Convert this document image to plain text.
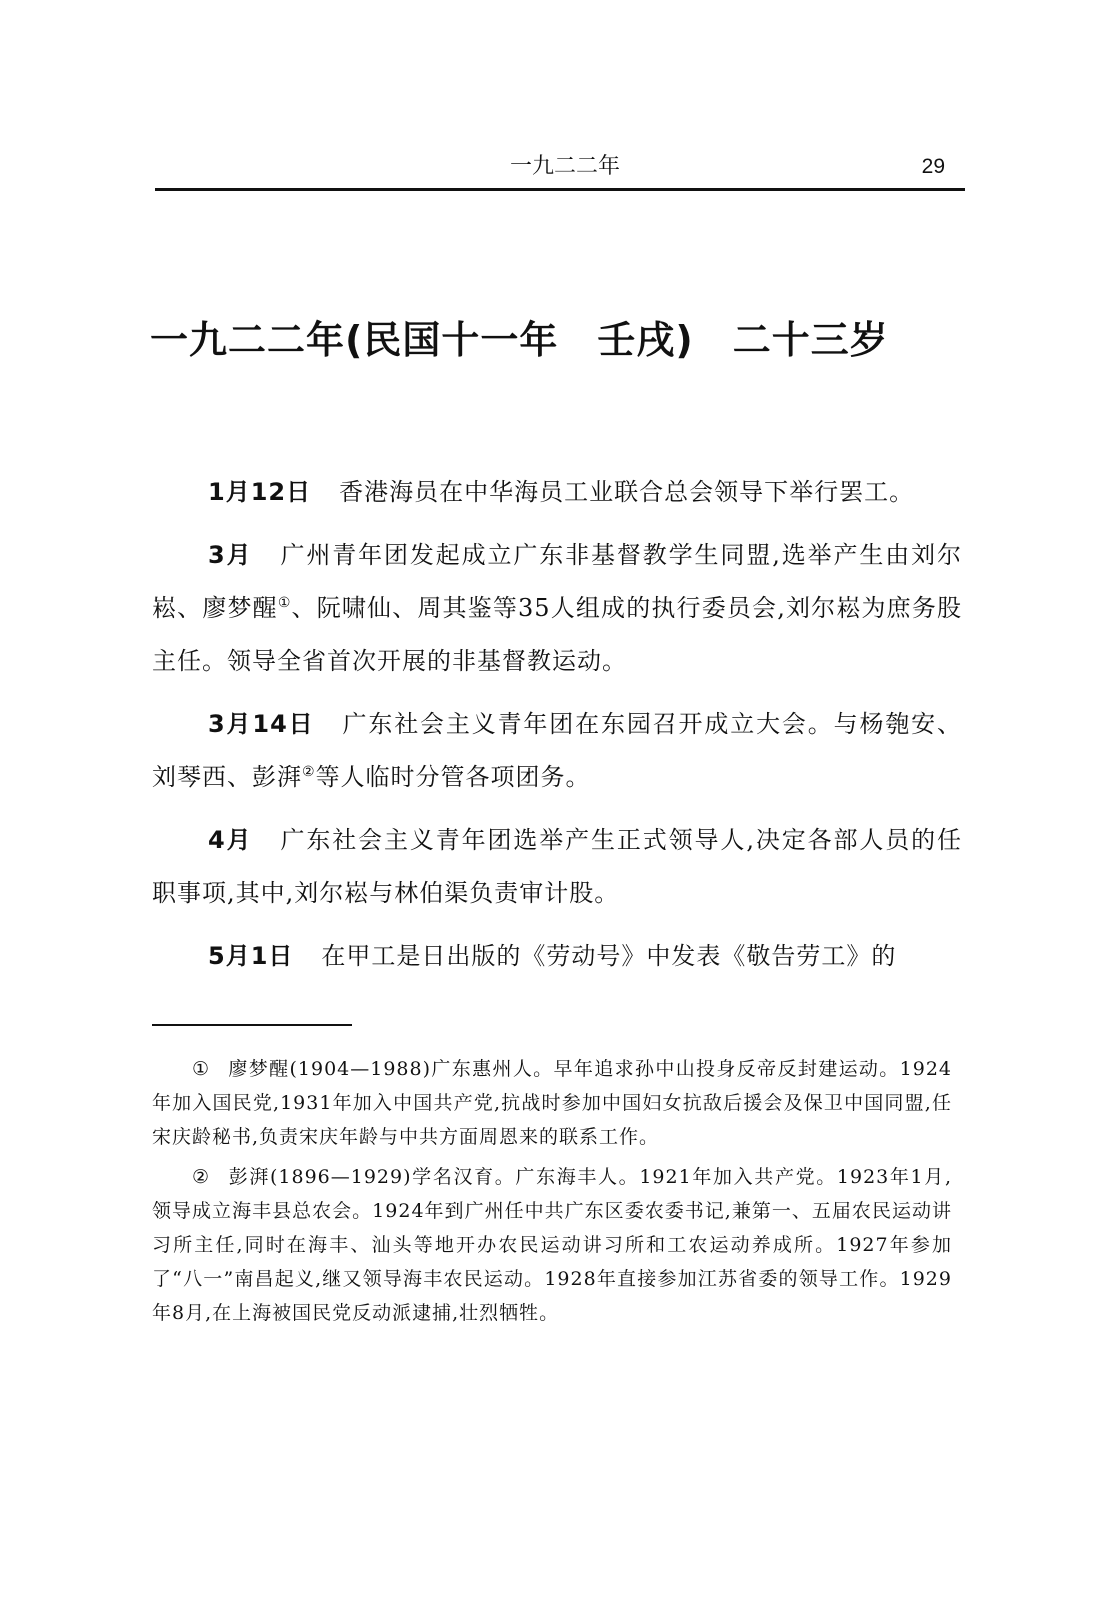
一九二二年	29
一九二二年(民国十一年　壬戌)　二十三岁

1月12日 香港海员在中华海员工业联合总会领导下举行罢工。

3月 广州青年团发起成立广东非基督教学生同盟,选举产生由刘尔崧、廖梦醒①、阮啸仙、周其鉴等35人组成的执行委员会,刘尔崧为庶务股主任。领导全省首次开展的非基督教运动。

3月14日 广东社会主义青年团在东园召开成立大会。与杨匏安、刘琴西、彭湃②等人临时分管各项团务。

4月 广东社会主义青年团选举产生正式领导人,决定各部人员的任职事项,其中,刘尔崧与林伯渠负责审计股。

5月1日 在甲工是日出版的《劳动号》中发表《敬告劳工》的

① 廖梦醒(1904—1988)广东惠州人。早年追求孙中山投身反帝反封建运动。1924年加入国民党,1931年加入中国共产党,抗战时参加中国妇女抗敌后援会及保卫中国同盟,任宋庆龄秘书,负责宋庆年龄与中共方面周恩来的联系工作。

② 彭湃(1896—1929)学名汉育。广东海丰人。1921年加入共产党。1923年1月,领导成立海丰县总农会。1924年到广州任中共广东区委农委书记,兼第一、五届农民运动讲习所主任,同时在海丰、汕头等地开办农民运动讲习所和工农运动养成所。1927年参加了“八一”南昌起义,继又领导海丰农民运动。1928年直接参加江苏省委的领导工作。1929年8月,在上海被国民党反动派逮捕,壮烈牺牲。
